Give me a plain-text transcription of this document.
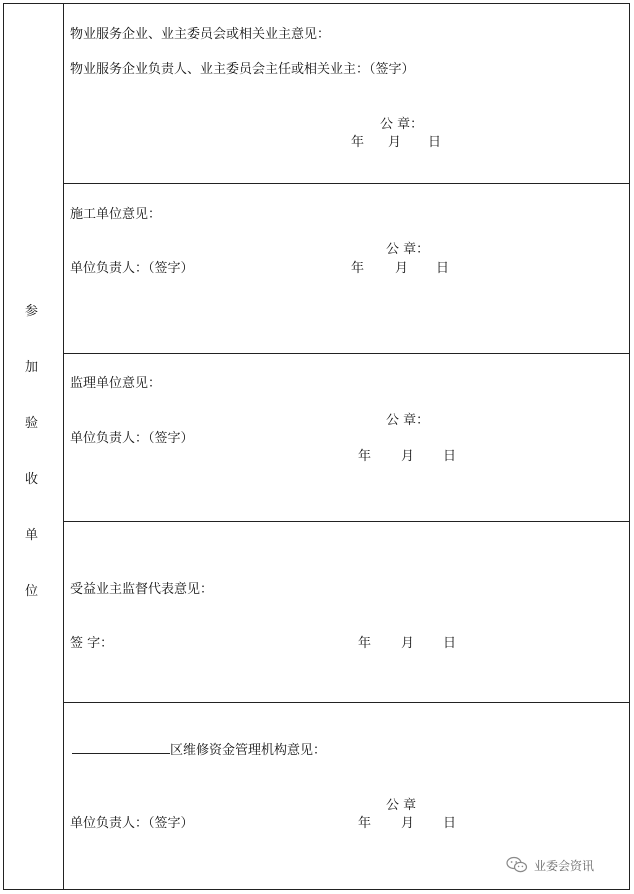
参
加
验
收
单
位
物业服务企业、业主委员会或相关业主意见：
物业服务企业负责人、业主委员会主任或相关业主：（签字）
公 章：
年 月 日
施工单位意见：
公 章：
单位负责人：（签字）	年 月 日
监理单位意见：
公 章：
单位负责人：（签字）
年 月 日
受益业主监督代表意见：
签 字：	年 月 日
区维修资金管理机构意见：
公 章
单位负责人：（签字）	年 月 日
业委会资讯
